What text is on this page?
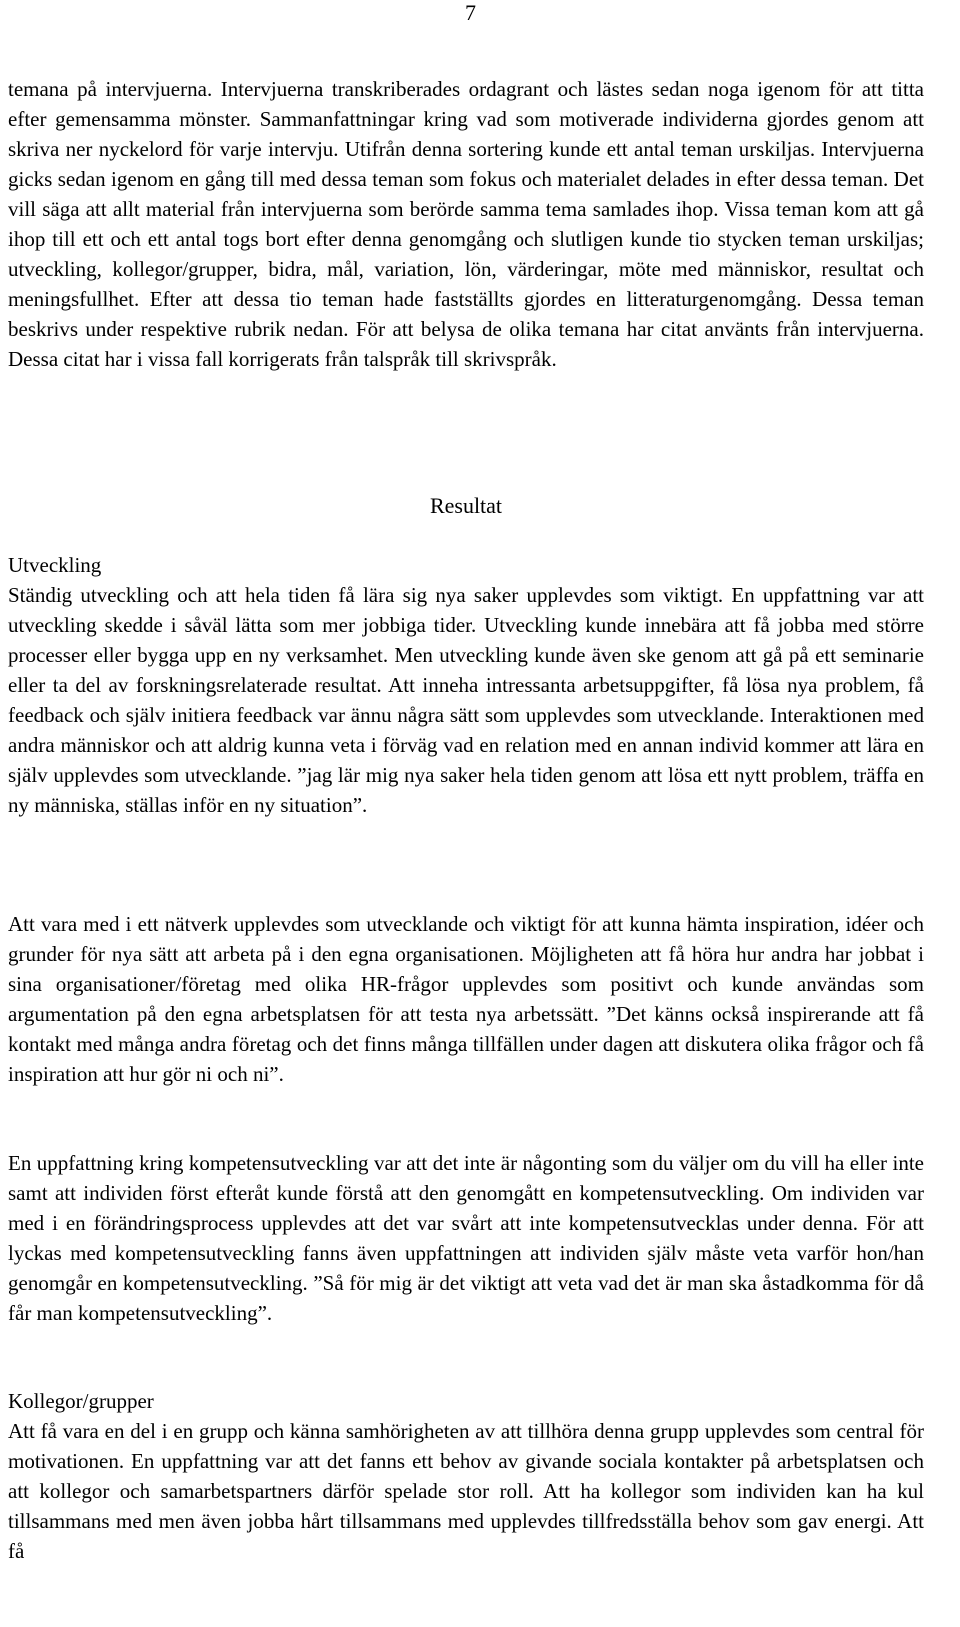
7

temana på intervjuerna. Intervjuerna transkriberades ordagrant och lästes sedan noga igenom för att titta efter gemensamma mönster. Sammanfattningar kring vad som motiverade individerna gjordes genom att skriva ner nyckelord för varje intervju. Utifrån denna sortering kunde ett antal teman urskiljas. Intervjuerna gicks sedan igenom en gång till med dessa teman som fokus och materialet delades in efter dessa teman. Det vill säga att allt material från intervjuerna som berörde samma tema samlades ihop. Vissa teman kom att gå ihop till ett och ett antal togs bort efter denna genomgång och slutligen kunde tio stycken teman urskiljas; utveckling, kollegor/grupper, bidra, mål, variation, lön, värderingar, möte med människor, resultat och meningsfullhet. Efter att dessa tio teman hade fastställts gjordes en litteraturgenomgång. Dessa teman beskrivs under respektive rubrik nedan. För att belysa de olika temana har citat använts från intervjuerna. Dessa citat har i vissa fall korrigerats från talspråk till skrivspråk.

Resultat
Utveckling

Ständig utveckling och att hela tiden få lära sig nya saker upplevdes som viktigt. En uppfattning var att utveckling skedde i såväl lätta som mer jobbiga tider. Utveckling kunde innebära att få jobba med större processer eller bygga upp en ny verksamhet. Men utveckling kunde även ske genom att gå på ett seminarie eller ta del av forskningsrelaterade resultat. Att inneha intressanta arbetsuppgifter, få lösa nya problem, få feedback och själv initiera feedback var ännu några sätt som upplevdes som utvecklande. Interaktionen med andra människor och att aldrig kunna veta i förväg vad en relation med en annan individ kommer att lära en själv upplevdes som utvecklande. ”jag lär mig nya saker hela tiden genom att lösa ett nytt problem, träffa en ny människa, ställas inför en ny situation”.

Att vara med i ett nätverk upplevdes som utvecklande och viktigt för att kunna hämta inspiration, idéer och grunder för nya sätt att arbeta på i den egna organisationen. Möjligheten att få höra hur andra har jobbat i sina organisationer/företag med olika HR-frågor upplevdes som positivt och kunde användas som argumentation på den egna arbetsplatsen för att testa nya arbetssätt. ”Det känns också inspirerande att få kontakt med många andra företag och det finns många tillfällen under dagen att diskutera olika frågor och få inspiration att hur gör ni och ni”.

En uppfattning kring kompetensutveckling var att det inte är någonting som du väljer om du vill ha eller inte samt att individen först efteråt kunde förstå att den genomgått en kompetensutveckling. Om individen var med i en förändringsprocess upplevdes att det var svårt att inte kompetensutvecklas under denna. För att lyckas med kompetensutveckling fanns även uppfattningen att individen själv måste veta varför hon/han genomgår en kompetensutveckling. ”Så för mig är det viktigt att veta vad det är man ska åstadkomma för då får man kompetensutveckling”.

Kollegor/grupper

Att få vara en del i en grupp och känna samhörigheten av att tillhöra denna grupp upplevdes som central för motivationen. En uppfattning var att det fanns ett behov av givande sociala kontakter på arbetsplatsen och att kollegor och samarbetspartners därför spelade stor roll. Att ha kollegor som individen kan ha kul tillsammans med men även jobba hårt tillsammans med upplevdes tillfredsställa behov som gav energi. Att få
